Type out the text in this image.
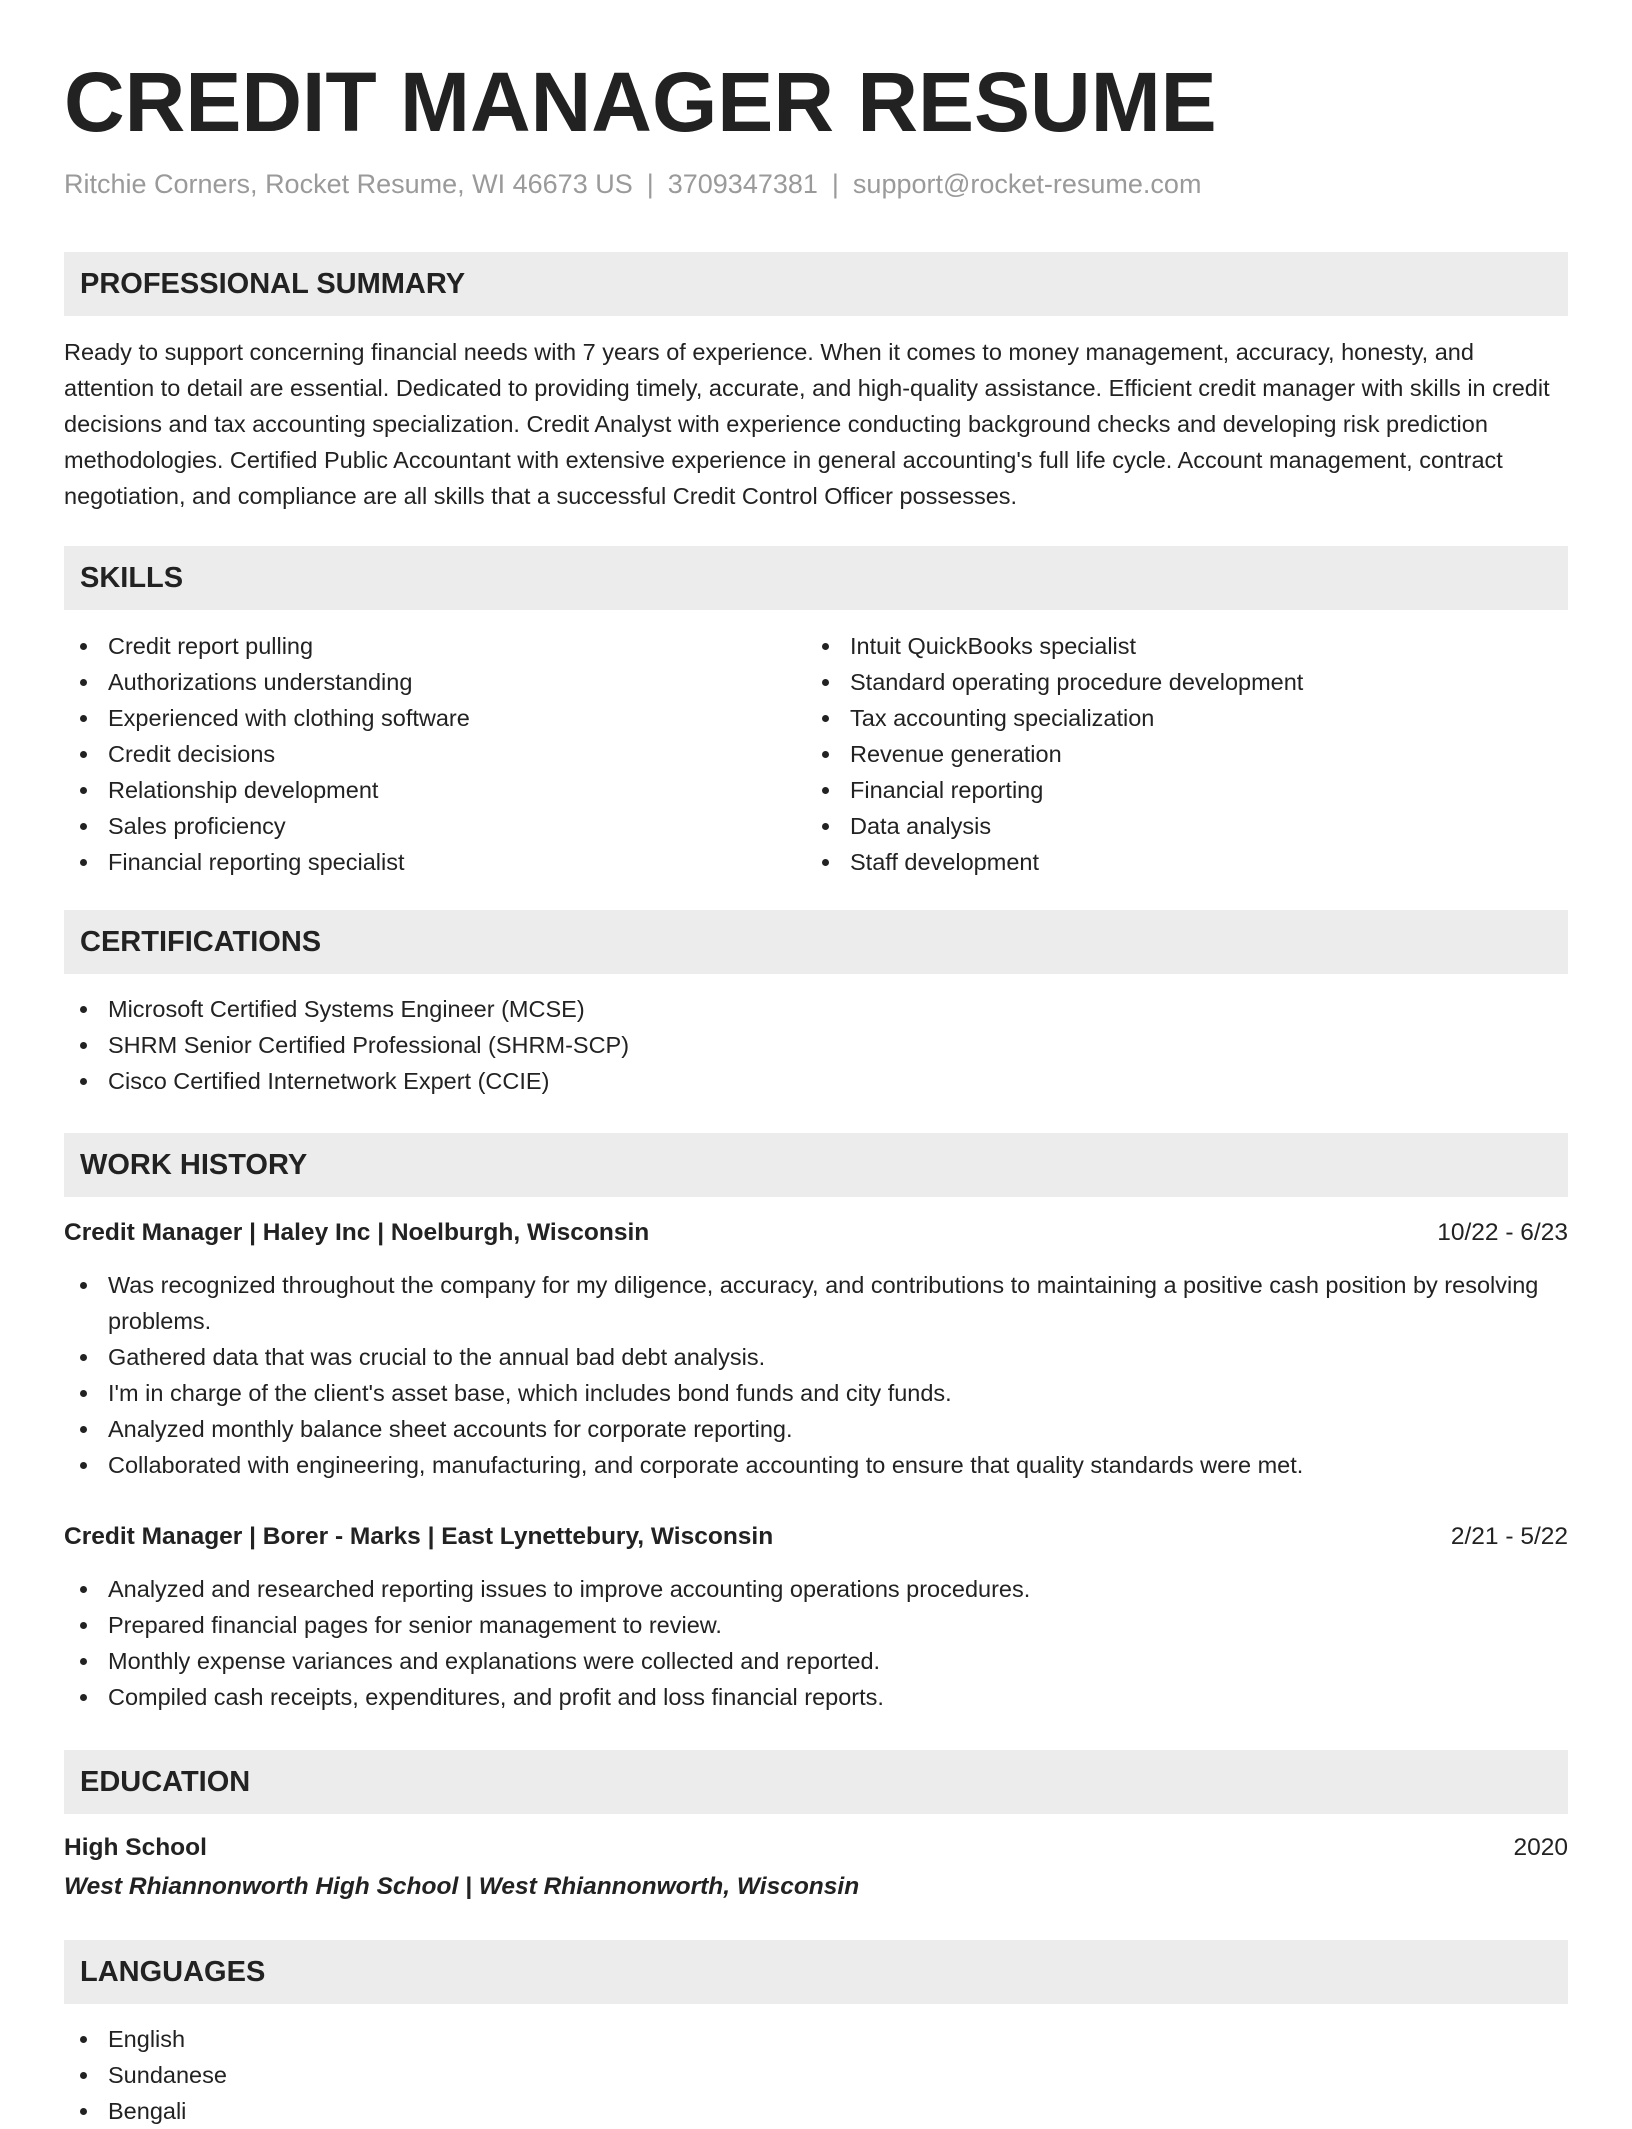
CREDIT MANAGER RESUME
Ritchie Corners, Rocket Resume, WI 46673 US | 3709347381 | support@rocket-resume.com
PROFESSIONAL SUMMARY

Ready to support concerning financial needs with 7 years of experience. When it comes to money management, accuracy, honesty, and attention to detail are essential. Dedicated to providing timely, accurate, and high-quality assistance. Efficient credit manager with skills in credit decisions and tax accounting specialization. Credit Analyst with experience conducting background checks and developing risk prediction methodologies. Certified Public Accountant with extensive experience in general accounting's full life cycle. Account management, contract negotiation, and compliance are all skills that a successful Credit Control Officer possesses.

SKILLS
Credit report pulling
Authorizations understanding
Experienced with clothing software
Credit decisions
Relationship development
Sales proficiency
Financial reporting specialist
Intuit QuickBooks specialist
Standard operating procedure development
Tax accounting specialization
Revenue generation
Financial reporting
Data analysis
Staff development
CERTIFICATIONS
Microsoft Certified Systems Engineer (MCSE)
SHRM Senior Certified Professional (SHRM-SCP)
Cisco Certified Internetwork Expert (CCIE)
WORK HISTORY
Credit Manager | Haley Inc | Noelburgh, Wisconsin	10/22 - 6/23
Was recognized throughout the company for my diligence, accuracy, and contributions to maintaining a positive cash position by resolving problems.
Gathered data that was crucial to the annual bad debt analysis.
I'm in charge of the client's asset base, which includes bond funds and city funds.
Analyzed monthly balance sheet accounts for corporate reporting.
Collaborated with engineering, manufacturing, and corporate accounting to ensure that quality standards were met.
Credit Manager | Borer - Marks | East Lynettebury, Wisconsin	2/21 - 5/22
Analyzed and researched reporting issues to improve accounting operations procedures.
Prepared financial pages for senior management to review.
Monthly expense variances and explanations were collected and reported.
Compiled cash receipts, expenditures, and profit and loss financial reports.
EDUCATION
High School	2020
West Rhiannonworth High School | West Rhiannonworth, Wisconsin
LANGUAGES
English
Sundanese
Bengali
